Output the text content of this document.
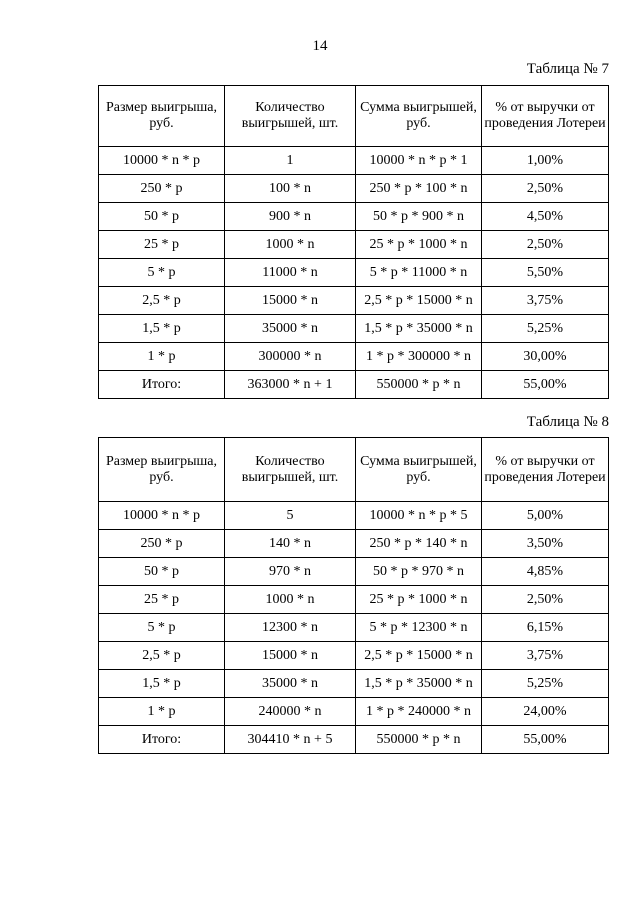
14
Таблица № 7
Размер выигрыша, руб.	Количество выигрышей, шт.	Сумма выигрышей, руб.	% от выручки от проведения Лотереи
10000 * n * p	1	10000 * n * p * 1	1,00%
250 * p	100 * n	250 * p * 100 * n	2,50%
50 * p	900 * n	50 * p * 900 * n	4,50%
25 * p	1000 * n	25 * p * 1000 * n	2,50%
5 * p	11000 * n	5 * p * 11000 * n	5,50%
2,5 * p	15000 * n	2,5 * p * 15000 * n	3,75%
1,5 * p	35000 * n	1,5 * p * 35000 * n	5,25%
1 * p	300000 * n	1 * p * 300000 * n	30,00%
Итого:	363000 * n + 1	550000 * p * n	55,00%
Таблица № 8
Размер выигрыша, руб.	Количество выигрышей, шт.	Сумма выигрышей, руб.	% от выручки от проведения Лотереи
10000 * n * p	5	10000 * n * p * 5	5,00%
250 * p	140 * n	250 * p * 140 * n	3,50%
50 * p	970 * n	50 * p * 970 * n	4,85%
25 * p	1000 * n	25 * p * 1000 * n	2,50%
5 * p	12300 * n	5 * p * 12300 * n	6,15%
2,5 * p	15000 * n	2,5 * p * 15000 * n	3,75%
1,5 * p	35000 * n	1,5 * p * 35000 * n	5,25%
1 * p	240000 * n	1 * p * 240000 * n	24,00%
Итого:	304410 * n + 5	550000 * p * n	55,00%
